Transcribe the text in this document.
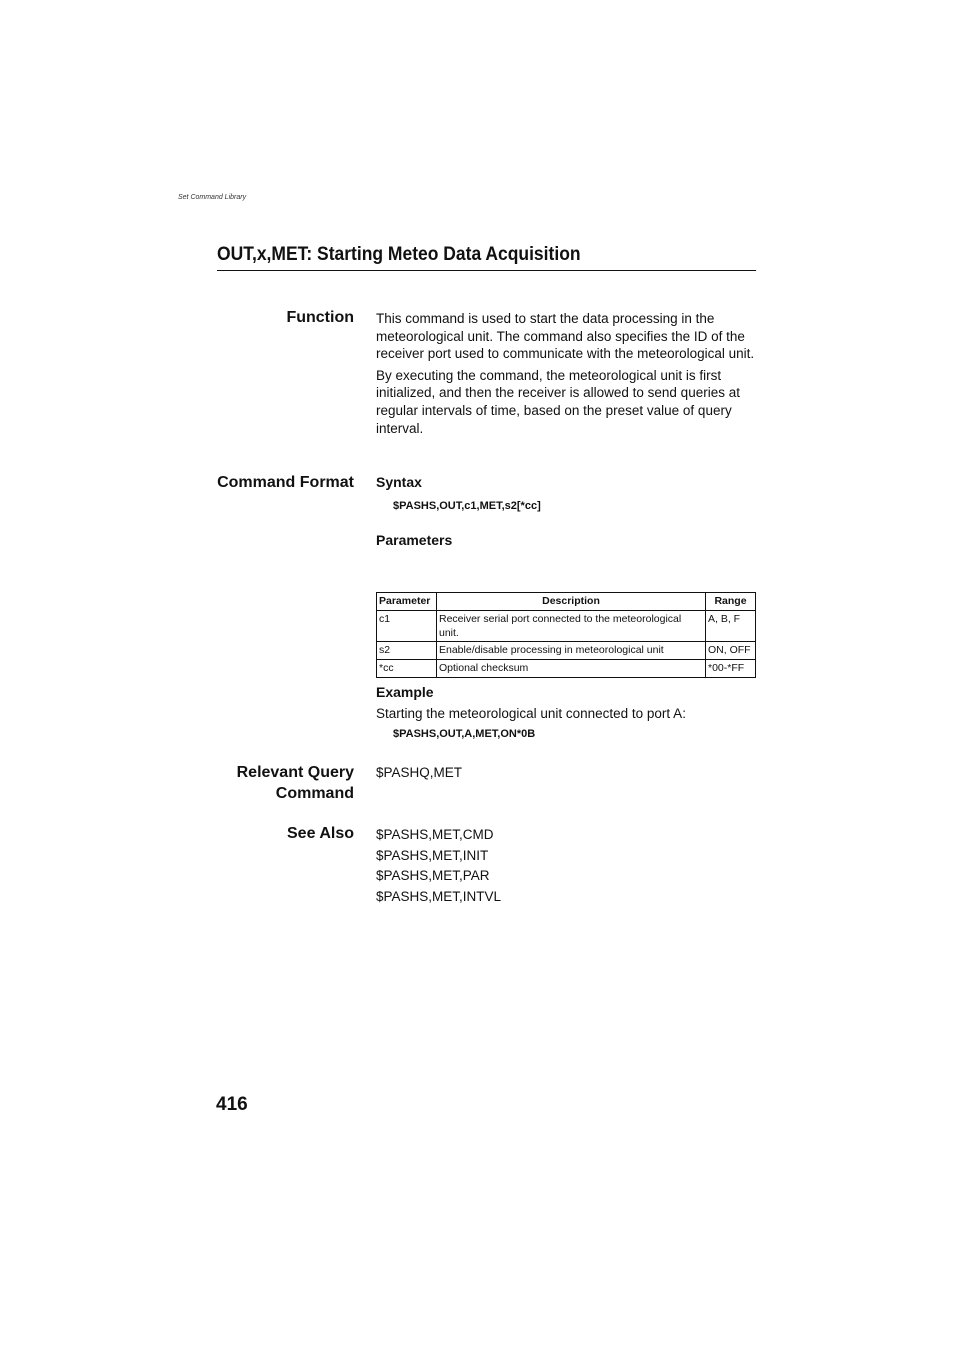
Set Command Library
OUT,x,MET: Starting Meteo Data Acquisition
Function This command is used to start the data processing in the meteorological unit. The command also specifies the ID of the receiver port used to communicate with the meteorological unit.

By executing the command, the meteorological unit is first initialized, and then the receiver is allowed to send queries at regular intervals of time, based on the preset value of query interval.

Command Format Syntax
$PASHS,OUT,c1,MET,s2[*cc]
Parameters
Parameter	Description	Range
c1	Receiver serial port connected to the meteorological unit.	A, B, F
s2	Enable/disable processing in meteorological unit	ON, OFF
*cc	Optional checksum	*00-*FF
Example
Starting the meteorological unit connected to port A:
$PASHS,OUT,A,MET,ON*0B
Relevant Query
Command
$PASHQ,MET
See Also $PASHS,MET,CMD
$PASHS,MET,INIT
$PASHS,MET,PAR
$PASHS,MET,INTVL
416
